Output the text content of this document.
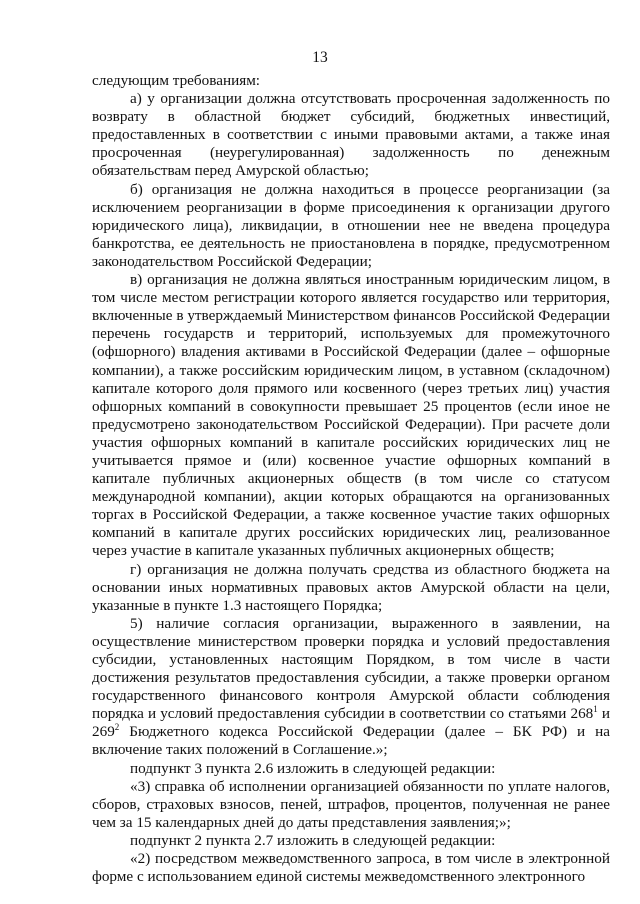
13

следующим требованиям:

а) у организации должна отсутствовать просроченная задолженность по возврату в областной бюджет субсидий, бюджетных инвестиций, предоставленных в соответствии с иными правовыми актами, а также иная просроченная (неурегулированная) задолженность по денежным обязательствам перед Амурской областью;

б) организация не должна находиться в процессе реорганизации (за исключением реорганизации в форме присоединения к организации другого юридического лица), ликвидации, в отношении нее не введена процедура банкротства, ее деятельность не приостановлена в порядке, предусмотренном законодательством Российской Федерации;

в) организация не должна являться иностранным юридическим лицом, в том числе местом регистрации которого является государство или территория, включенные в утверждаемый Министерством финансов Российской Федерации перечень государств и территорий, используемых для промежуточного (офшорного) владения активами в Российской Федерации (далее – офшорные компании), а также российским юридическим лицом, в уставном (складочном) капитале которого доля прямого или косвенного (через третьих лиц) участия офшорных компаний в совокупности превышает 25 процентов (если иное не предусмотрено законодательством Российской Федерации). При расчете доли участия офшорных компаний в капитале российских юридических лиц не учитывается прямое и (или) косвенное участие офшорных компаний в капитале публичных акционерных обществ (в том числе со статусом международной компании), акции которых обращаются на организованных торгах в Российской Федерации, а также косвенное участие таких офшорных компаний в капитале других российских юридических лиц, реализованное через участие в капитале указанных публичных акционерных обществ;

г) организация не должна получать средства из областного бюджета на основании иных нормативных правовых актов Амурской области на цели, указанные в пункте 1.3 настоящего Порядка;

5) наличие согласия организации, выраженного в заявлении, на осуществление министерством проверки порядка и условий предоставления субсидии, установленных настоящим Порядком, в том числе в части достижения результатов предоставления субсидии, а также проверки органом государственного финансового контроля Амурской области соблюдения порядка и условий предоставления субсидии в соответствии со статьями $268^1$ и $269^2$ Бюджетного кодекса Российской Федерации (далее – БК РФ) и на включение таких положений в Соглашение.»;

подпункт 3 пункта 2.6 изложить в следующей редакции:

«3) справка об исполнении организацией обязанности по уплате налогов, сборов, страховых взносов, пеней, штрафов, процентов, полученная не ранее чем за 15 календарных дней до даты представления заявления;»;

подпункт 2 пункта 2.7 изложить в следующей редакции:

«2) посредством межведомственного запроса, в том числе в электронной форме с использованием единой системы межведомственного электронного
